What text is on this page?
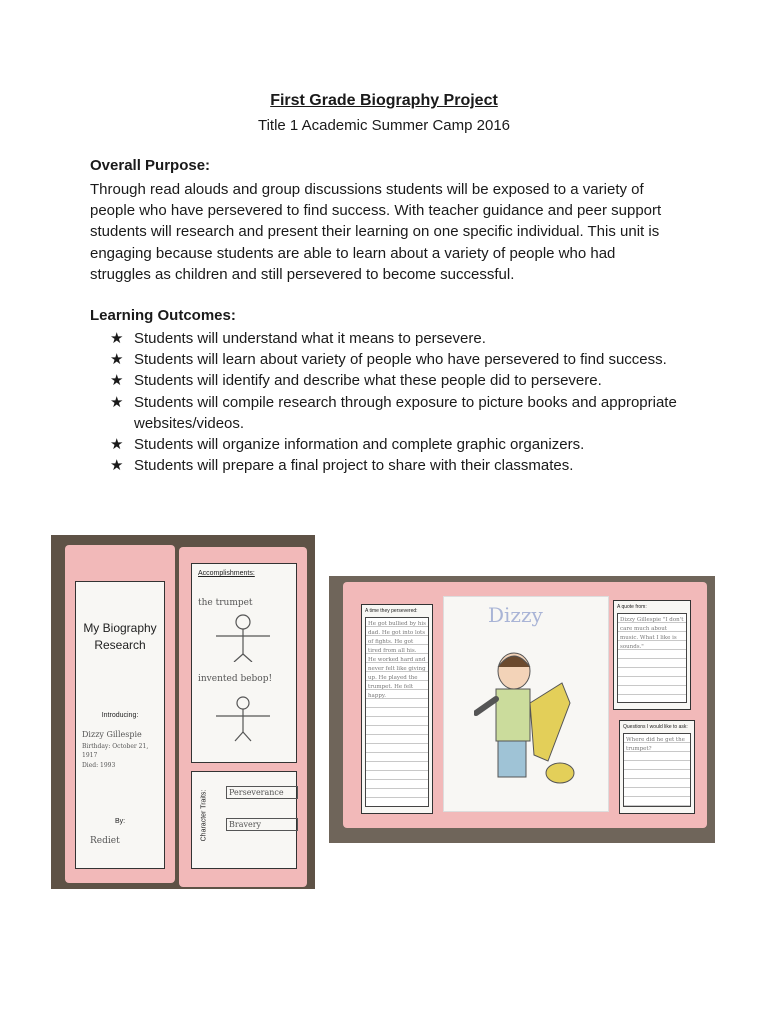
First Grade Biography Project
Title 1 Academic Summer Camp 2016
Overall Purpose:
Through read alouds and group discussions students will be exposed to a variety of people who have persevered to find success. With teacher guidance and peer support students will research and present their learning on one specific individual. This unit is engaging because students are able to learn about a variety of people who had struggles as children and still persevered to become successful.
Learning Outcomes:
★ Students will understand what it means to persevere.
★ Students will learn about variety of people who have persevered to find success.
★ Students will identify and describe what these people did to persevere.
★ Students will compile research through exposure to picture books and appropriate websites/videos.
★ Students will organize information and complete graphic organizers.
★ Students will prepare a final project to share with their classmates.
My Biography Research
Introducing:
Dizzy Gillespie
Birthday: October 21, 1917
Died: 1993
By:
Rediet
Accomplishments:
the trumpet
invented bebop!
Character Traits:	Perseverance
Bravery
A time they persevered:
He got bullied by his dad. He got into lots of fights. He got tired from all his. He worked hard and never felt like giving up. He played the trumpet. He felt happy.
Dizzy	A quote from:
Dizzy Gillespie "I don't care much about music. What I like is sounds."
Questions I would like to ask:
Where did he get the trumpet?
